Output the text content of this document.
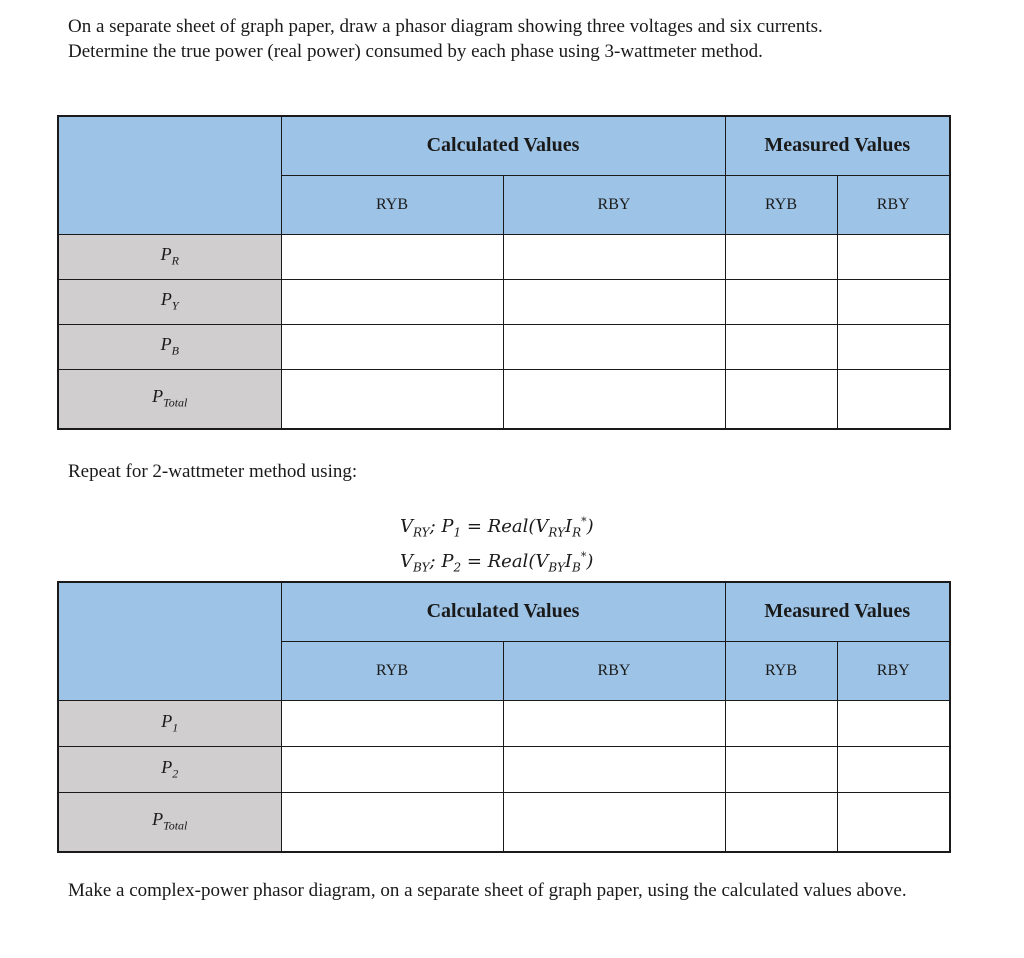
On a separate sheet of graph paper, draw a phasor diagram showing three voltages and six currents.
Determine the true power (real power) consumed by each phase using 3-wattmeter method.

	Calculated Values		Measured Values	
	RYB	RBY	RYB	RBY
$P_R$				
$P_Y$				
$P_B$				
$P_{Total}$				

Repeat for 2-wattmeter method using:

$V_{RY}$; $P_1$ = $Real(V_{RY}I_R^*)$
$V_{BY}$; $P_2$ = $Real(V_{BY}I_B^*)$
	Calculated Values		Measured Values	
	RYB	RBY	RYB	RBY
$P_1$				
$P_2$				
$P_{Total}$				

Make a complex-power phasor diagram, on a separate sheet of graph paper, using the calculated values above.
